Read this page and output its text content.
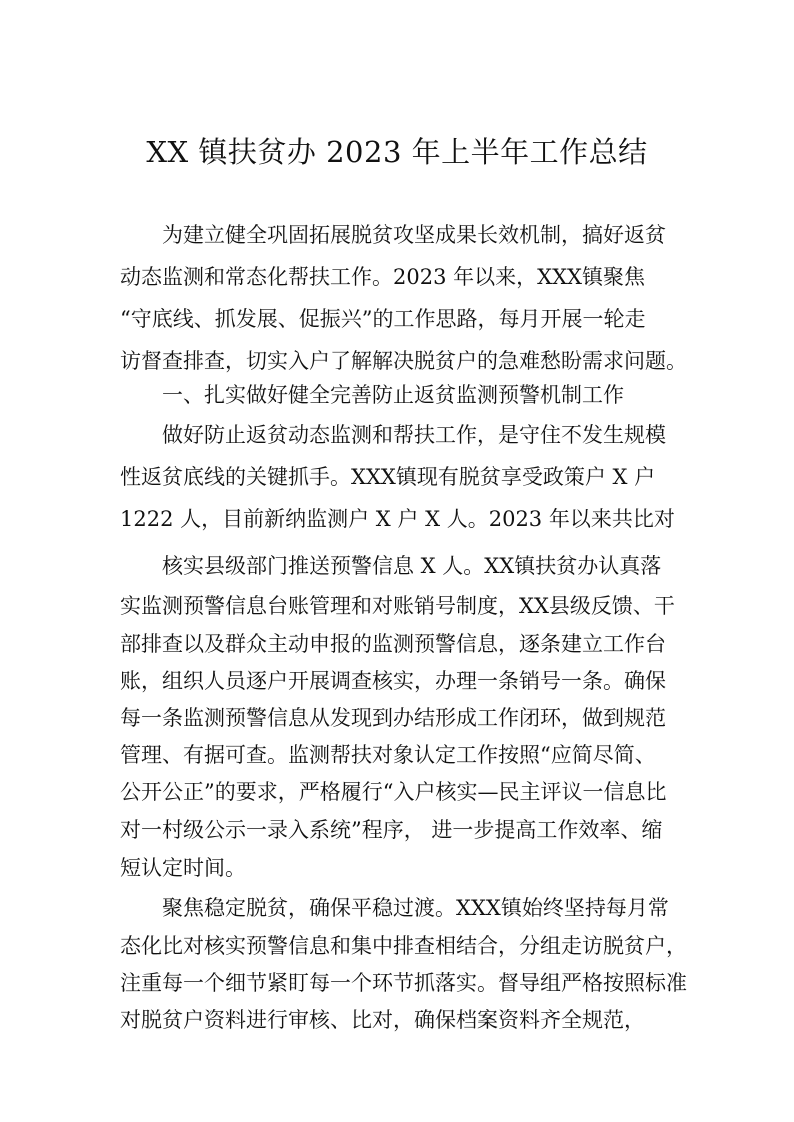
XX 镇扶贫办 2023 年上半年工作总结
为建立健全巩固拓展脱贫攻坚成果长效机制，搞好返贫
动态监测和常态化帮扶工作。2023 年以来，XXX镇聚焦
“守底线、抓发展、促振兴”的工作思路，每月开展一轮走
访督查排查，切实入户了解解决脱贫户的急难愁盼需求问题。
一、扎实做好健全完善防止返贫监测预警机制工作
做好防止返贫动态监测和帮扶工作，是守住不发生规模
性返贫底线的关键抓手。XXX镇现有脱贫享受政策户 X 户
1222 人，目前新纳监测户 X 户 X 人。2023 年以来共比对
核实县级部门推送预警信息 X 人。XX镇扶贫办认真落
实监测预警信息台账管理和对账销号制度，XX县级反馈、干
部排查以及群众主动申报的监测预警信息，逐条建立工作台
账，组织人员逐户开展调查核实，办理一条销号一条。确保
每一条监测预警信息从发现到办结形成工作闭环，做到规范
管理、有据可查。监测帮扶对象认定工作按照“应简尽简、
公开公正”的要求，严格履行“入户核实—民主评议一信息比
对一村级公示一录入系统”程序， 进一步提高工作效率、缩
短认定时间。
聚焦稳定脱贫，确保平稳过渡。XXX镇始终坚持每月常
态化比对核实预警信息和集中排查相结合，分组走访脱贫户，
注重每一个细节紧盯每一个环节抓落实。督导组严格按照标准
对脱贫户资料进行审核、比对，确保档案资料齐全规范，
